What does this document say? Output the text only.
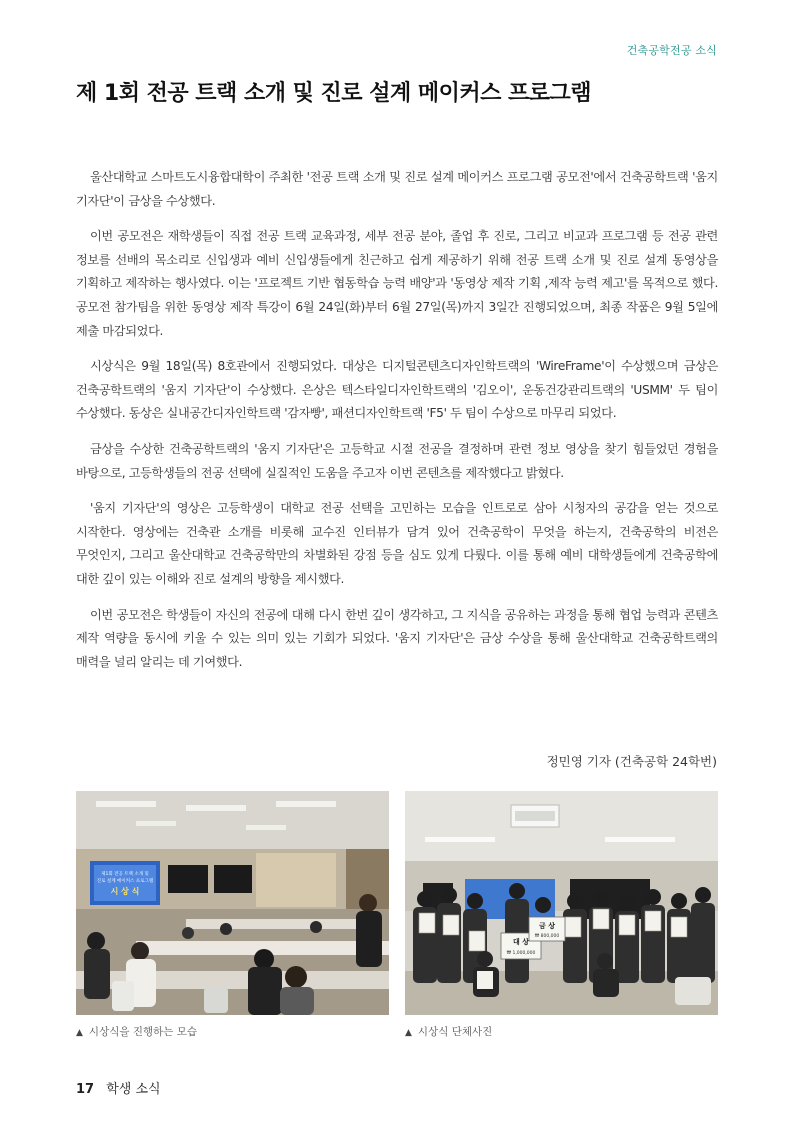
건축공학전공 소식
제 1회 전공 트랙 소개 및 진로 설계 메이커스 프로그램

울산대학교 스마트도시융합대학이 주최한 '전공 트랙 소개 및 진로 설계 메이커스 프로그램 공모전'에서 건축공학트랙 '움지 기자단'이 금상을 수상했다.

이번 공모전은 재학생들이 직접 전공 트랙 교육과정, 세부 전공 분야, 졸업 후 진로, 그리고 비교과 프로그램 등 전공 관련 정보를 선배의 목소리로 신입생과 예비 신입생들에게 친근하고 쉽게 제공하기 위해 전공 트랙 소개 및 진로 설계 동영상을 기획하고 제작하는 행사였다. 이는 '프로젝트 기반 협동학습 능력 배양'과 '동영상 제작 기획 ,제작 능력 제고'를 목적으로 했다. 공모전 참가팀을 위한 동영상 제작 특강이 6월 24일(화)부터 6월 27일(목)까지 3일간 진행되었으며, 최종 작품은 9월 5일에 제출 마감되었다.

시상식은 9월 18일(목) 8호관에서 진행되었다. 대상은 디지털콘텐츠디자인학트랙의 'WireFrame'이 수상했으며 금상은 건축공학트랙의 '움지 기자단'이 수상했다. 은상은 텍스타일디자인학트랙의 '김오이', 운동건강관리트랙의 'USMM' 두 팀이 수상했다. 동상은 실내공간디자인학트랙 '감자빵', 패션디자인학트랙 'F5' 두 팀이 수상으로 마무리 되었다.

금상을 수상한 건축공학트랙의 '움지 기자단'은 고등학교 시절 전공을 결정하며 관련 정보 영상을 찾기 힘들었던 경험을 바탕으로, 고등학생들의 전공 선택에 실질적인 도움을 주고자 이번 콘텐츠를 제작했다고 밝혔다.

'움지 기자단'의 영상은 고등학생이 대학교 전공 선택을 고민하는 모습을 인트로로 삼아 시청자의 공감을 얻는 것으로 시작한다. 영상에는 건축관 소개를 비롯해 교수진 인터뷰가 담겨 있어 건축공학이 무엇을 하는지, 건축공학의 비전은 무엇인지, 그리고 울산대학교 건축공학만의 차별화된 강점 등을 심도 있게 다뤘다. 이를 통해 예비 대학생들에게 건축공학에 대한 깊이 있는 이해와 진로 설계의 방향을 제시했다.

이번 공모전은 학생들이 자신의 전공에 대해 다시 한번 깊이 생각하고, 그 지식을 공유하는 과정을 통해 협업 능력과 콘텐츠 제작 역량을 동시에 키울 수 있는 의미 있는 기회가 되었다. '움지 기자단'은 금상 수상을 통해 울산대학교 건축공학트랙의 매력을 널리 알리는 데 기여했다.

정민영 기자 (건축공학 24학번)
제1회 전공 트랙 소개 및
진로 설계 메이커스 프로그램
시 상 식
대 상
₩ 1,000,000
금 상
₩ 800,000
▲ 시상식을 진행하는 모습	▲ 시상식 단체사진
17 학생 소식
